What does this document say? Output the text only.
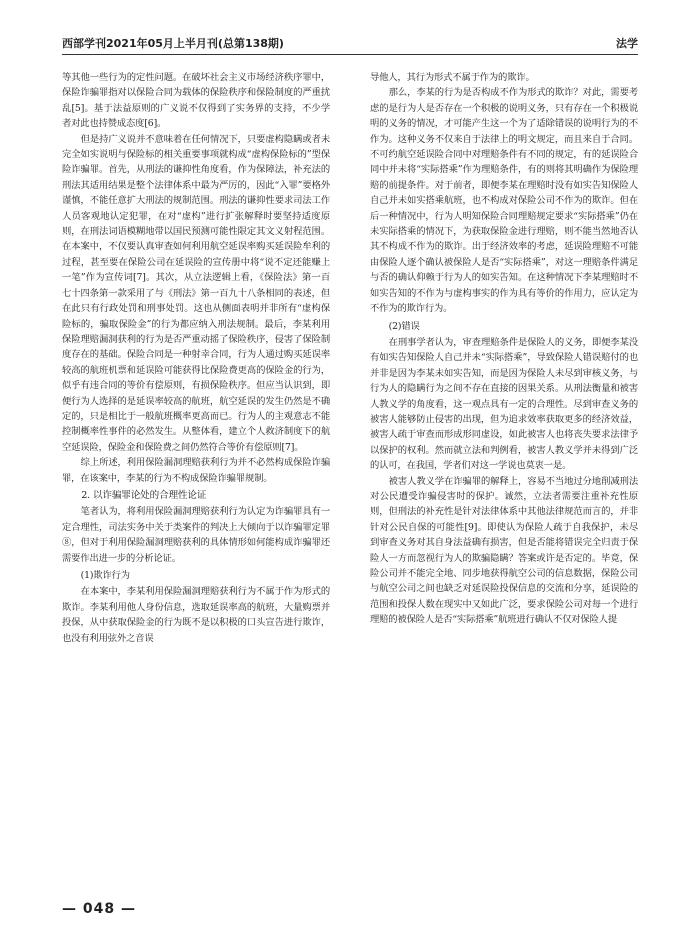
西部学刊2021年05月上半月刊(总第138期)	法学

等其他一些行为的定性问题。在破坏社会主义市场经济秩序罪中，保险诈骗罪指对以保险合同为载体的保险秩序和保险制度的严重扰乱[5]。基于法益原则的广义说不仅得到了实务界的支持，不少学者对此也持赞成态度[6]。

但是持广义说并不意味着在任何情况下，只要虚构隐瞒或者未完全如实说明与保险标的相关重要事项就构成“虚构保险标的”型保险诈骗罪。首先，从刑法的谦抑性角度看，作为保障法，补充法的刑法其适用结果是整个法律体系中最为严厉的，因此“入罪”要格外谨慎，不能任意扩大刑法的规制范围。刑法的谦抑性要求司法工作人员客观地认定犯罪，在对“虚构”进行扩张解释时要坚持适度原则，在刑法词语模糊地带以国民预测可能性限定其文义射程范围。在本案中，不仅要认真审查如何利用航空延误率购买延误险牟利的过程，甚至要在保险公司在延误险的宣传册中将“说不定还能赚上一笔”作为宣传词[7]。其次，从立法逻辑上看，《保险法》第一百七十四条第一款采用了与《刑法》第一百九十八条相同的表述，但在此只有行政处罚和刑事处罚。这也从侧面表明并非所有“虚构保险标的，骗取保险金”的行为都应纳入刑法规制。最后，李某利用保险理赔漏洞获利的行为是否严重动摇了保险秩序，侵害了保险制度存在的基础。保险合同是一种射幸合同，行为人通过购买延误率较高的航班机票和延误险可能获得比保险费更高的保险金的行为，似乎有违合同的等价有偿原则，有损保险秩序。但应当认识到，即便行为人选择的是延误率较高的航班，航空延误的发生仍然是不确定的，只是相比于一般航班概率更高而已。行为人的主观意志不能控制概率性事件的必然发生。从整体看，建立个人救济制度下的航空延误险，保险金和保险费之间仍然符合等价有偿原则[7]。

综上所述，利用保险漏洞理赔获利行为并不必然构成保险诈骗罪，在该案中，李某的行为不构成保险诈骗罪规制。

2. 以诈骗罪论处的合理性论证

笔者认为，将利用保险漏洞理赔获利行为认定为诈骗罪具有一定合理性，司法实务中关于类案件的判决上大倾向于以诈骗罪定罪⑧，但对于利用保险漏洞理赔获利的具体情形如何能构成诈骗罪还需要作出进一步的分析论证。

(1)欺诈行为

在本案中，李某利用保险漏洞理赔获利行为不属于作为形式的欺诈。李某利用他人身份信息，选取延误率高的航班，大量购票并投保，从中获取保险金的行为既不是以积极的口头宣告进行欺诈，也没有利用弦外之音误

导他人，其行为形式不属于作为的欺诈。

那么，李某的行为是否构成不作为形式的欺诈？对此，需要考虑的是行为人是否存在一个积极的说明义务，只有存在一个积极说明的义务的情况，才可能产生这一个为了适除错误的说明行为的不作为。这种义务不仅来自于法律上的明文规定，而且来自于合同。不可约航空延误险合同中对理赔条件有不同的规定，有的延误险合同中并未将“实际搭乘”作为理赔条件，有的则将其明确作为保险理赔的前提条件。对于前者，即便李某在理赔时没有如实告知保险人自己并未如实搭乘航班，也不构成对保险公司不作为的欺诈。但在后一种情况中，行为人明知保险合同理赔规定要求“实际搭乘”仍在未实际搭乘的情况下，为获取保险金进行理赔，则不能当然地否认其不构成不作为的欺诈。出于经济效率的考虑，延误险理赔不可能由保险人逐个确认被保险人是否“实际搭乘”，对这一理赔条件满足与否的确认仰赖于行为人的如实告知。在这种情况下李某理赔时不如实告知的不作为与虚构事实的作为具有等价的作用力，应认定为不作为的欺诈行为。

(2)错误

在刑事学者认为，审查理赔条件是保险人的义务，即便李某没有如实告知保险人自己并未“实际搭乘”，导致保险人错误赔付的也并非是因为李某未如实告知，而是因为保险人未尽到审核义务，与行为人的隐瞒行为之间不存在直接的因果关系。从刑法衡量和被害人教义学的角度看，这一观点具有一定的合理性。尽到审查义务的被害人能够防止侵害的出现，但为追求效率获取更多的经济效益，被害人疏于审查而形成形同虚设，如此被害人也将丧失要求法律予以保护的权利。然而就立法和判例看，被害人教义学并未得到广泛的认可，在我国，学者们对这一学说也莫衷一是。

被害人教义学在诈骗罪的解释上，容易不当地过分地削减刑法对公民遭受诈骗侵害时的保护。诚然，立法者需要注重补充性原则，但刑法的补充性是针对法律体系中其他法律规范而言的，并非针对公民自保的可能性[9]。即使认为保险人疏于自我保护，未尽到审查义务对其自身法益确有损害，但是否能将错误完全归责于保险人一方而忽视行为人的欺骗隐瞒？答案或许是否定的。毕竟，保险公司并不能完全地、同步地获得航空公司的信息数据，保险公司与航空公司之间也缺乏对延误险投保信息的交流和分享，延误险的范围和投保人数在现实中又如此广泛，要求保险公司对每一个进行理赔的被保险人是否“实际搭乘”航班进行确认不仅对保险人提

— 048 —
